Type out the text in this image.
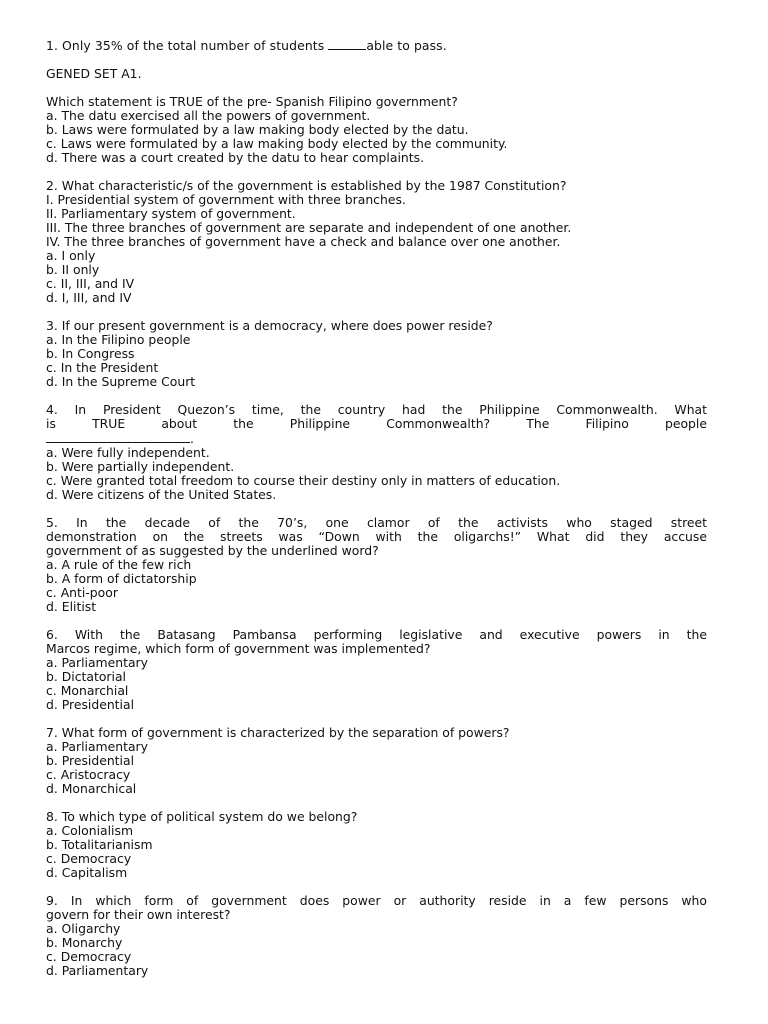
1. Only 35% of the total number of students	able to pass.
GENED SET A1.
Which statement is TRUE of the pre- Spanish Filipino government?
a. The datu exercised all the powers of government.
b. Laws were formulated by a law making body elected by the datu.
c. Laws were formulated by a law making body elected by the community.
d. There was a court created by the datu to hear complaints.
2. What characteristic/s of the government is established by the 1987 Constitution?
I. Presidential system of government with three branches.
II. Parliamentary system of government.
III. The three branches of government are separate and independent of one another.
IV. The three branches of government have a check and balance over one another.
a. I only
b. II only
c. II, III, and IV
d. I, III, and IV
3. If our present government is a democracy, where does power reside?
a. In the Filipino people
b. In Congress
c. In the President
d. In the Supreme Court
4. In President Quezon’s time, the country had the Philippine Commonwealth. What
is TRUE about the Philippine Commonwealth? The Filipino people
.
a. Were fully independent.
b. Were partially independent.
c. Were granted total freedom to course their destiny only in matters of education.
d. Were citizens of the United States.
5. In the decade of the 70’s, one clamor of the activists who staged street
demonstration on the streets was “Down with the oligarchs!” What did they accuse
government of as suggested by the underlined word?
a. A rule of the few rich
b. A form of dictatorship
c. Anti-poor
d. Elitist
6. With the Batasang Pambansa performing legislative and executive powers in the
Marcos regime, which form of government was implemented?
a. Parliamentary
b. Dictatorial
c. Monarchial
d. Presidential
7. What form of government is characterized by the separation of powers?
a. Parliamentary
b. Presidential
c. Aristocracy
d. Monarchical
8. To which type of political system do we belong?
a. Colonialism
b. Totalitarianism
c. Democracy
d. Capitalism
9. In which form of government does power or authority reside in a few persons who
govern for their own interest?
a. Oligarchy
b. Monarchy
c. Democracy
d. Parliamentary
